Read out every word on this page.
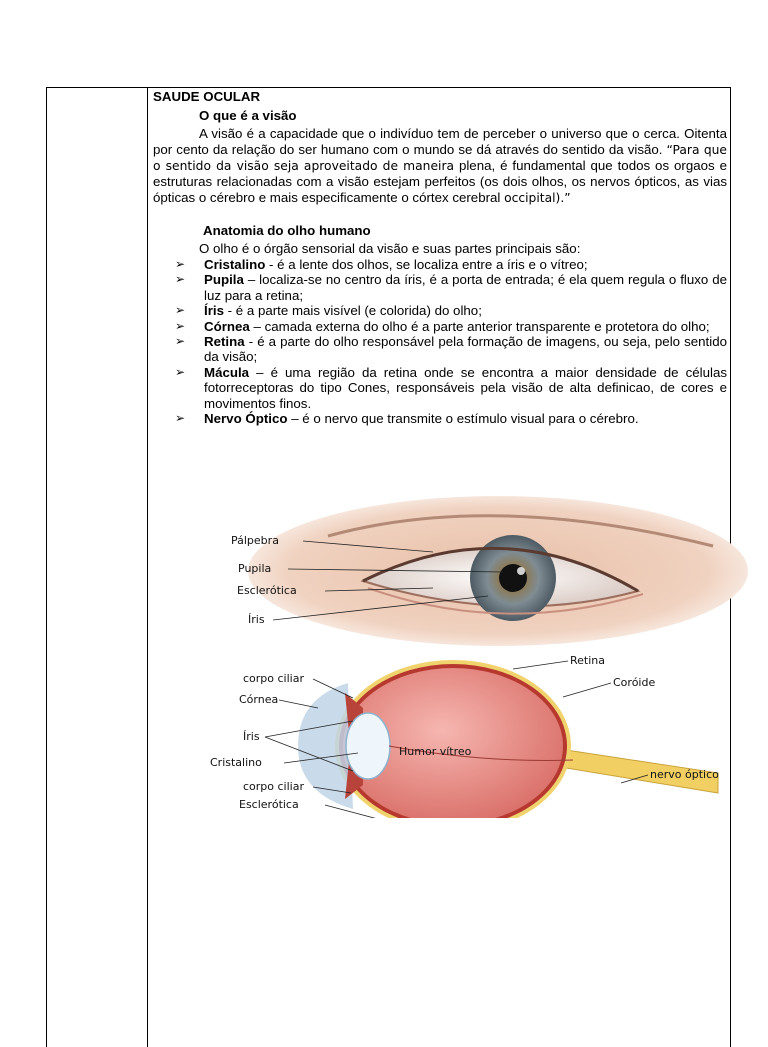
SAUDE OCULAR

O que é a visão

A visão é a capacidade que o indivíduo tem de perceber o universo que o cerca. Oitenta por cento da relação do ser humano com o mundo se dá através do sentido da visão. “Para que o sentido da visão seja aproveitado de maneira plena, é fundamental que todos os orgaos e estruturas relacionadas com a visão estejam perfeitos (os dois olhos, os nervos ópticos, as vias ópticas o cérebro e mais especificamente o córtex cerebral occipital).”

Anatomia do olho humano

O olho é o órgão sensorial da visão e suas partes principais são:

➢ Cristalino - é a lente dos olhos, se localiza entre a íris e o vítreo;
➢ Pupila – localiza-se no centro da íris, é a porta de entrada; é ela quem regula o fluxo de luz para a retina;
➢ Íris - é a parte mais visível (e colorida) do olho;
➢ Córnea – camada externa do olho é a parte anterior transparente e protetora do olho;
➢ Retina - é a parte do olho responsável pela formação de imagens, ou seja, pelo sentido da visão;
➢ Mácula – é uma região da retina onde se encontra a maior densidade de células fotorreceptoras do tipo Cones, responsáveis pela visão de alta definicao, de cores e movimentos finos.
➢ Nervo Óptico – é o nervo que transmite o estímulo visual para o cérebro.
Pálpebra
Pupila
Esclerótica
Íris
Humor vítreo
Retina
Coróide
nervo óptico
corpo ciliar
Córnea
Íris
Cristalino
corpo ciliar
Esclerótica
